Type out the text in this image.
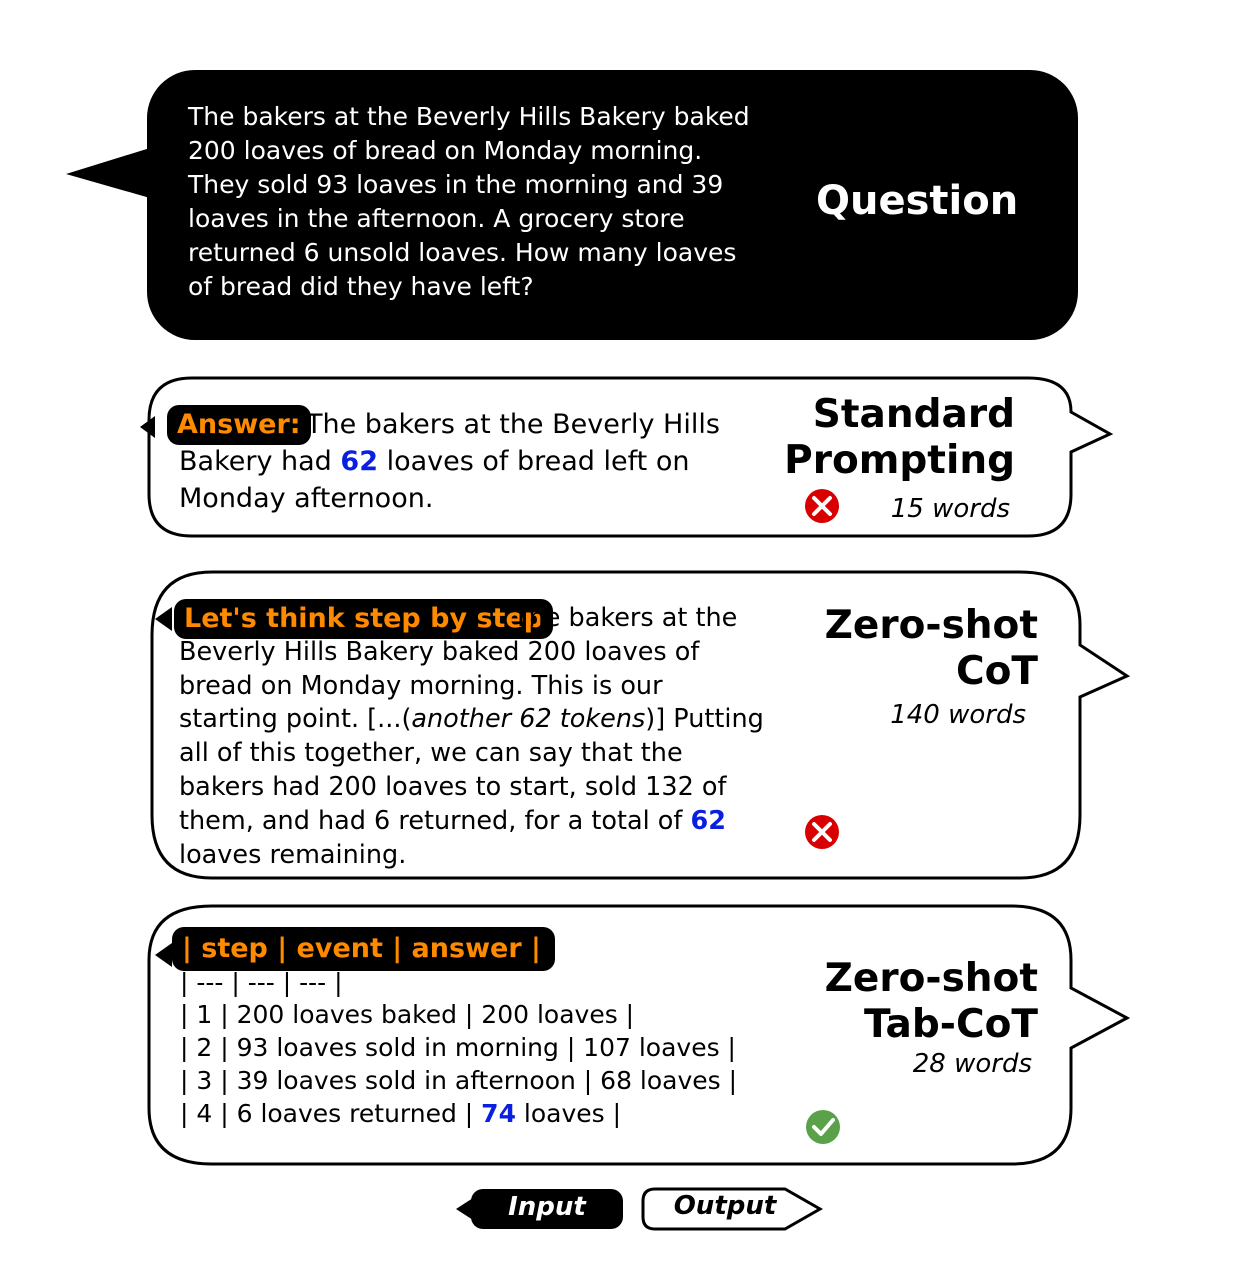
The bakers at the Beverly Hills Bakery baked 200 loaves of bread on Monday morning. They sold 93 loaves in the morning and 39 loaves in the afternoon. A grocery store returned 6 unsold loaves. How many loaves of bread did they have left?
Question
Answer: The bakers at the Beverly Hills Bakery had 62 loaves of bread left on Monday afternoon.
Standard
Prompting
15 words
Let's think step by step
The bakers at the Beverly Hills Bakery baked 200 loaves of bread on Monday morning. This is our starting point. [...(another 62 tokens)] Putting all of this together, we can say that the bakers had 200 loaves to start, sold 132 of them, and had 6 returned, for a total of 62 loaves remaining.
Zero-shot
CoT
140 words
| step | event | answer |
| --- | --- | --- |
| 1 | 200 loaves baked | 200 loaves |
| 2 | 93 loaves sold in morning | 107 loaves |
| 3 | 39 loaves sold in afternoon | 68 loaves |
| 4 | 6 loaves returned | 74 loaves |
Zero-shot
Tab-CoT
28 words
Input	Output
